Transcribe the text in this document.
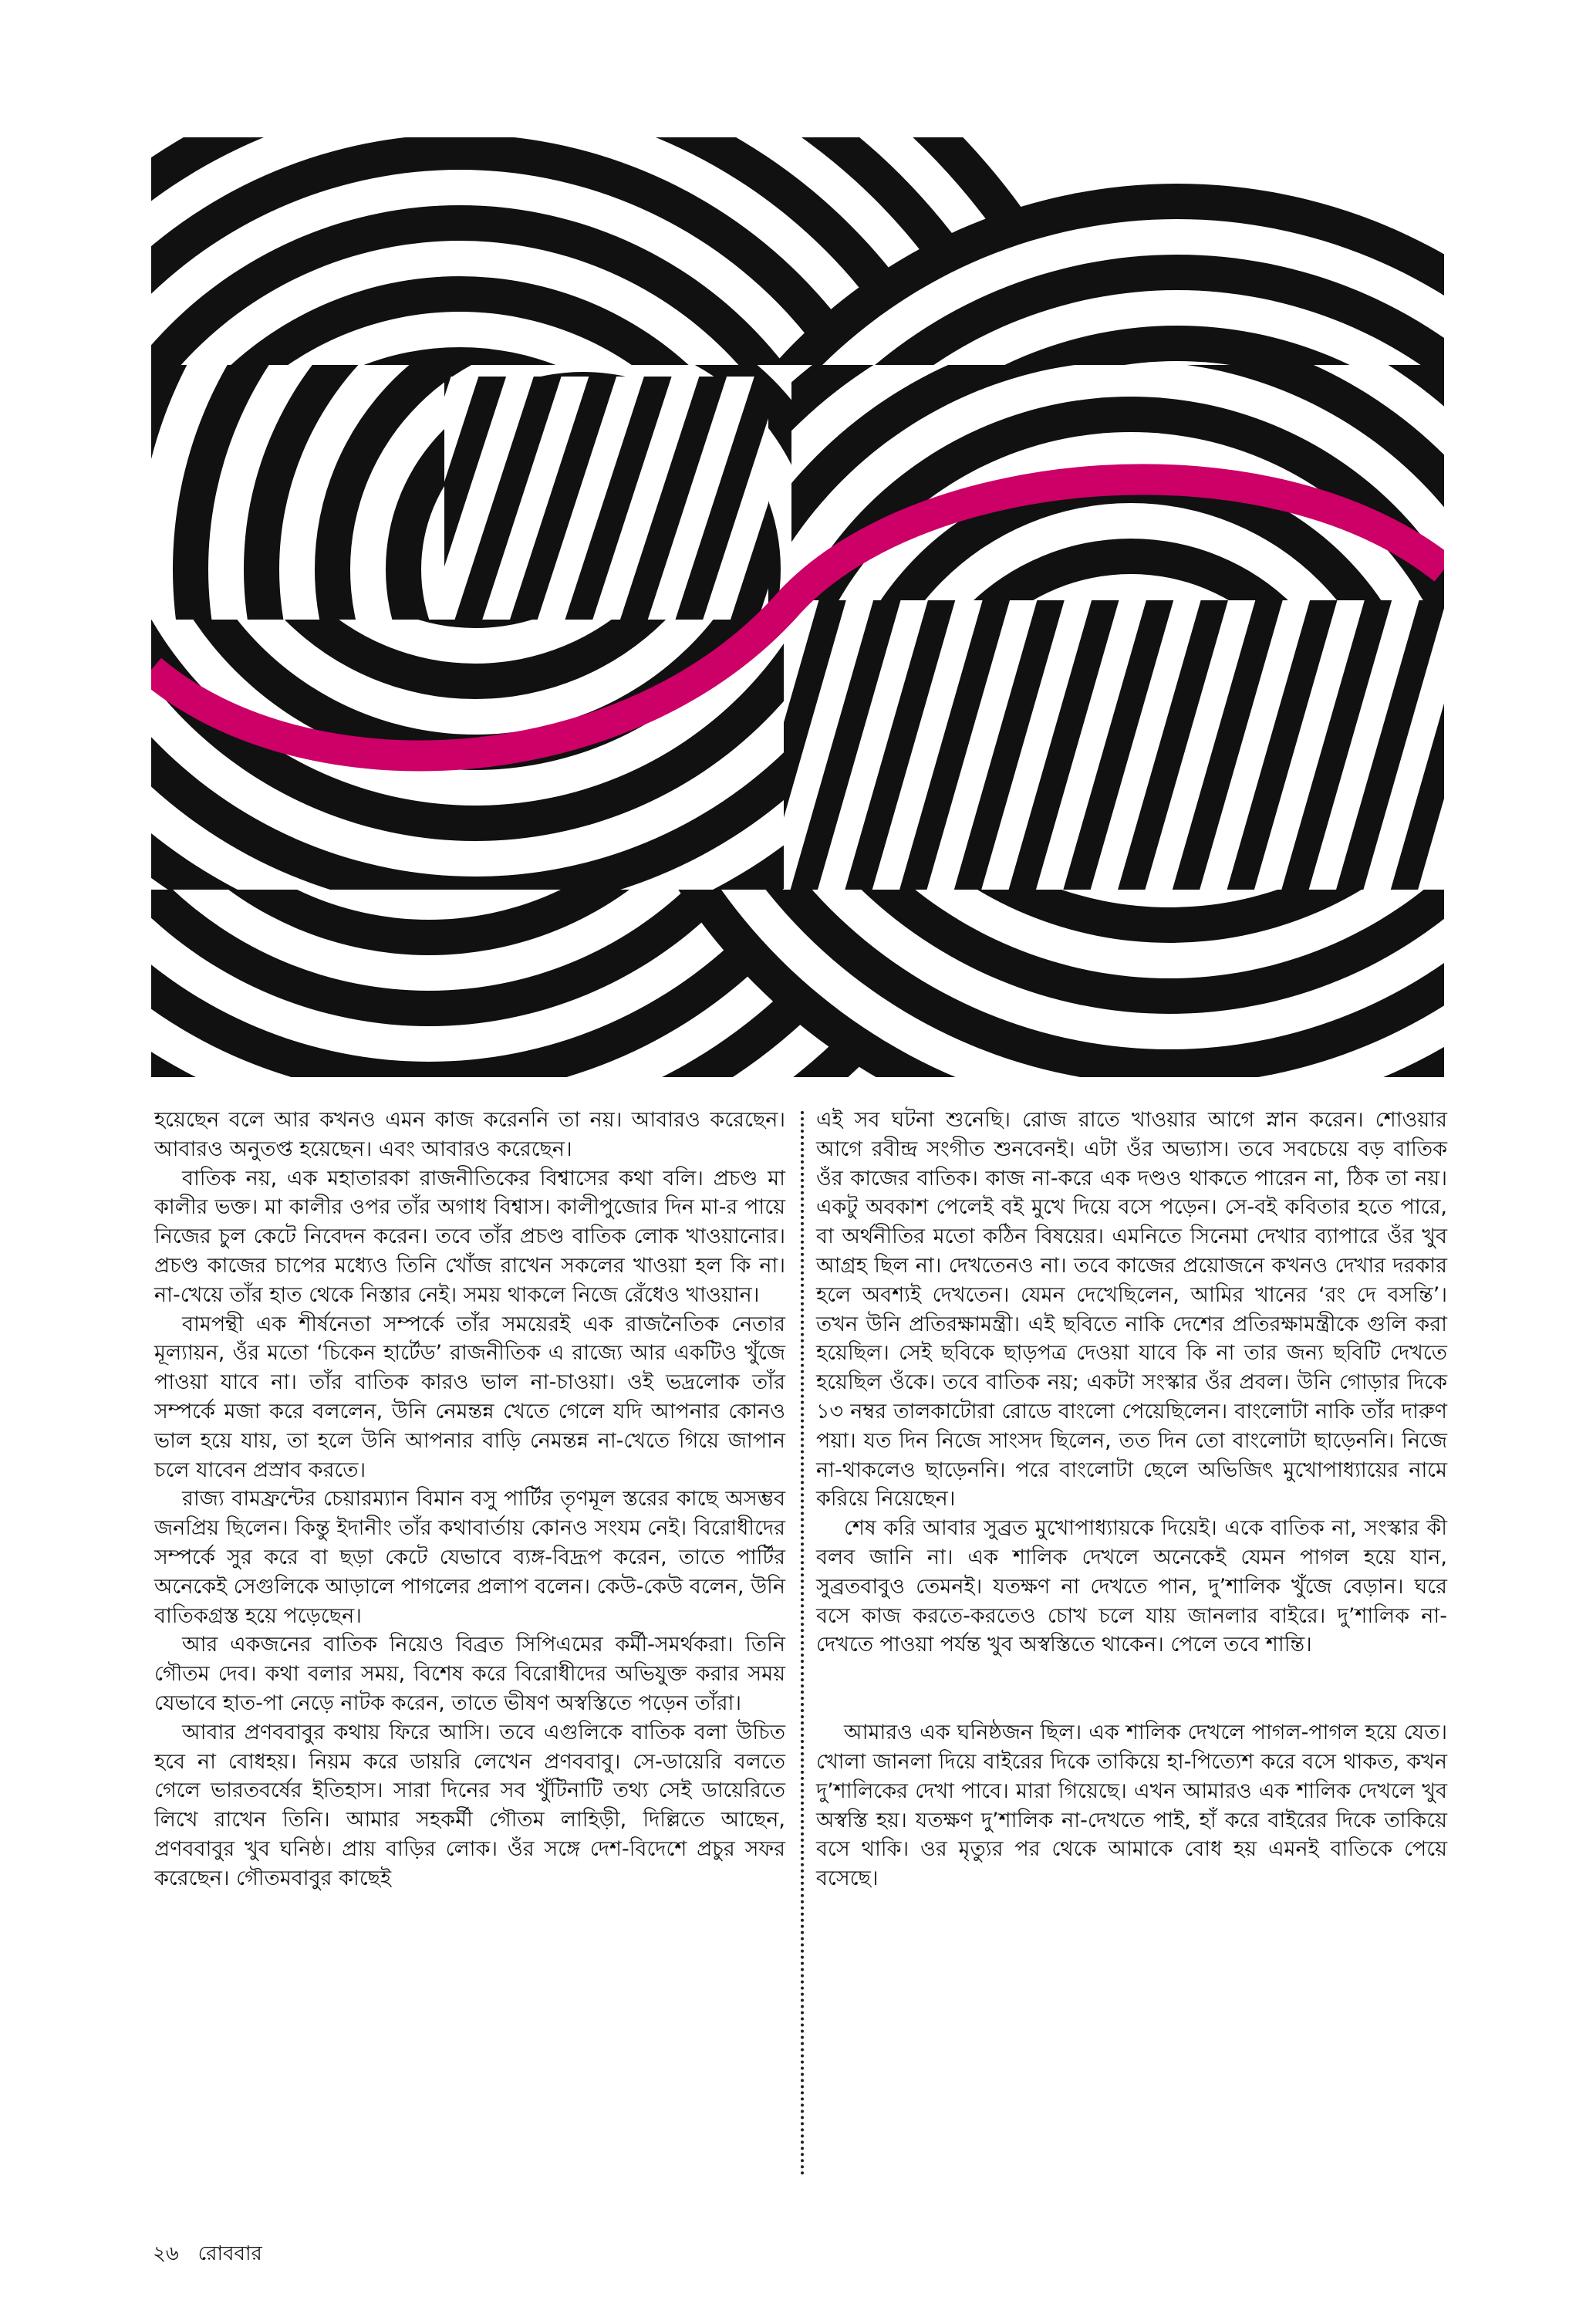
হয়েছেন বলে আর কখনও এমন কাজ করেননি তা নয়। আবারও করেছেন। আবারও অনুতপ্ত হয়েছেন। এবং আবারও করেছেন।

বাতিক নয়, এক মহাতারকা রাজনীতিকের বিশ্বাসের কথা বলি। প্রচণ্ড মা কালীর ভক্ত। মা কালীর ওপর তাঁর অগাধ বিশ্বাস। কালীপুজোর দিন মা-র পায়ে নিজের চুল কেটে নিবেদন করেন। তবে তাঁর প্রচণ্ড বাতিক লোক খাওয়ানোর। প্রচণ্ড কাজের চাপের মধ্যেও তিনি খোঁজ রাখেন সকলের খাওয়া হল কি না। না-খেয়ে তাঁর হাত থেকে নিস্তার নেই। সময় থাকলে নিজে রেঁধেও খাওয়ান।

বামপন্থী এক শীর্ষনেতা সম্পর্কে তাঁর সময়েরই এক রাজনৈতিক নেতার মূল্যায়ন, ওঁর মতো ‘চিকেন হার্টেড’ রাজনীতিক এ রাজ্যে আর একটিও খুঁজে পাওয়া যাবে না। তাঁর বাতিক কারও ভাল না-চাওয়া। ওই ভদ্রলোক তাঁর সম্পর্কে মজা করে বললেন, উনি নেমন্তন্ন খেতে গেলে যদি আপনার কোনও ভাল হয়ে যায়, তা হলে উনি আপনার বাড়ি নেমন্তন্ন না-খেতে গিয়ে জাপান চলে যাবেন প্রস্রাব করতে।

রাজ্য বামফ্রন্টের চেয়ারম্যান বিমান বসু পার্টির তৃণমূল স্তরের কাছে অসম্ভব জনপ্রিয় ছিলেন। কিন্তু ইদানীং তাঁর কথাবার্তায় কোনও সংযম নেই। বিরোধীদের সম্পর্কে সুর করে বা ছড়া কেটে যেভাবে ব্যঙ্গ-বিদ্রূপ করেন, তাতে পার্টির অনেকেই সেগুলিকে আড়ালে পাগলের প্রলাপ বলেন। কেউ-কেউ বলেন, উনি বাতিকগ্রস্ত হয়ে পড়েছেন।

আর একজনের বাতিক নিয়েও বিব্রত সিপিএমের কর্মী-সমর্থকরা। তিনি গৌতম দেব। কথা বলার সময়, বিশেষ করে বিরোধীদের অভিযুক্ত করার সময় যেভাবে হাত-পা নেড়ে নাটক করেন, তাতে ভীষণ অস্বস্তিতে পড়েন তাঁরা।

আবার প্রণববাবুর কথায় ফিরে আসি। তবে এগুলিকে বাতিক বলা উচিত হবে না বোধহয়। নিয়ম করে ডায়রি লেখেন প্রণববাবু। সে-ডায়েরি বলতে গেলে ভারতবর্ষের ইতিহাস। সারা দিনের সব খুঁটিনাটি তথ্য সেই ডায়েরিতে লিখে রাখেন তিনি। আমার সহকর্মী গৌতম লাহিড়ী, দিল্লিতে আছেন, প্রণববাবুর খুব ঘনিষ্ঠ। প্রায় বাড়ির লোক। ওঁর সঙ্গে দেশ-বিদেশে প্রচুর সফর করেছেন। গৌতমবাবুর কাছেই

এই সব ঘটনা শুনেছি। রোজ রাতে খাওয়ার আগে স্নান করেন। শোওয়ার আগে রবীন্দ্র সংগীত শুনবেনই। এটা ওঁর অভ্যাস। তবে সবচেয়ে বড় বাতিক ওঁর কাজের বাতিক। কাজ না-করে এক দণ্ডও থাকতে পারেন না, ঠিক তা নয়। একটু অবকাশ পেলেই বই মুখে দিয়ে বসে পড়েন। সে-বই কবিতার হতে পারে, বা অর্থনীতির মতো কঠিন বিষয়ের। এমনিতে সিনেমা দেখার ব্যাপারে ওঁর খুব আগ্রহ ছিল না। দেখতেনও না। তবে কাজের প্রয়োজনে কখনও দেখার দরকার হলে অবশ্যই দেখতেন। যেমন দেখেছিলেন, আমির খানের ‘রং দে বসন্তি’। তখন উনি প্রতিরক্ষামন্ত্রী। এই ছবিতে নাকি দেশের প্রতিরক্ষামন্ত্রীকে গুলি করা হয়েছিল। সেই ছবিকে ছাড়পত্র দেওয়া যাবে কি না তার জন্য ছবিটি দেখতে হয়েছিল ওঁকে। তবে বাতিক নয়; একটা সংস্কার ওঁর প্রবল। উনি গোড়ার দিকে ১৩ নম্বর তালকাটোরা রোডে বাংলো পেয়েছিলেন। বাংলোটা নাকি তাঁর দারুণ পয়া। যত দিন নিজে সাংসদ ছিলেন, তত দিন তো বাংলোটা ছাড়েননি। নিজে না-থাকলেও ছাড়েননি। পরে বাংলোটা ছেলে অভিজিৎ মুখোপাধ্যায়ের নামে করিয়ে নিয়েছেন।

শেষ করি আবার সুব্রত মুখোপাধ্যায়কে দিয়েই। একে বাতিক না, সংস্কার কী বলব জানি না। এক শালিক দেখলে অনেকেই যেমন পাগল হয়ে যান, সুব্রতবাবুও তেমনই। যতক্ষণ না দেখতে পান, দু’শালিক খুঁজে বেড়ান। ঘরে বসে কাজ করতে-করতেও চোখ চলে যায় জানলার বাইরে। দু’শালিক না-দেখতে পাওয়া পর্যন্ত খুব অস্বস্তিতে থাকেন। পেলে তবে শান্তি।

আমারও এক ঘনিষ্ঠজন ছিল। এক শালিক দেখলে পাগল-পাগল হয়ে যেত। খোলা জানলা দিয়ে বাইরের দিকে তাকিয়ে হা-পিত্যেশ করে বসে থাকত, কখন দু’শালিকের দেখা পাবে। মারা গিয়েছে। এখন আমারও এক শালিক দেখলে খুব অস্বস্তি হয়। যতক্ষণ দু’শালিক না-দেখতে পাই, হাঁ করে বাইরের দিকে তাকিয়ে বসে থাকি। ওর মৃত্যুর পর থেকে আমাকে বোধ হয় এমনই বাতিকে পেয়ে বসেছে।

২৬ রোববার
